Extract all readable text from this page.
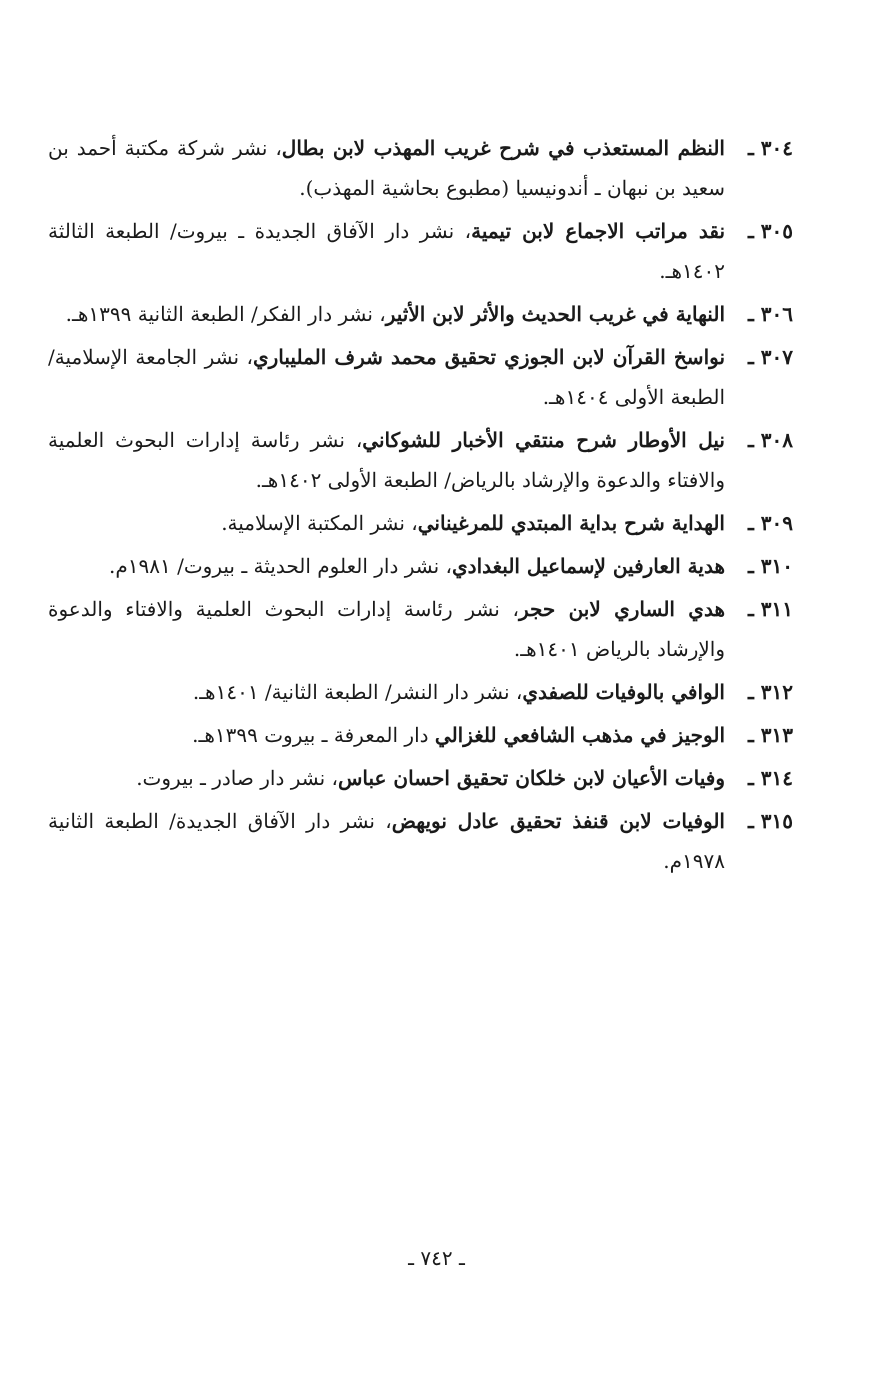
٣٠٤ ـ
النظم المستعذب في شرح غريب المهذب لابن بطال، نشر شركة مكتبة أحمد بن سعيد بن نبهان ـ أندونيسيا (مطبوع بحاشية المهذب).
٣٠٥ ـ
نقد مراتب الاجماع لابن تيمية، نشر دار الآفاق الجديدة ـ بيروت/ الطبعة الثالثة ١٤٠٢هـ.
٣٠٦ ـ
النهاية في غريب الحديث والأثر لابن الأثير، نشر دار الفكر/ الطبعة الثانية ١٣٩٩هـ.
٣٠٧ ـ
نواسخ القرآن لابن الجوزي تحقيق محمد شرف المليباري، نشر الجامعة الإسلامية/ الطبعة الأولى ١٤٠٤هـ.
٣٠٨ ـ
نيل الأوطار شرح منتقي الأخبار للشوكاني، نشر رئاسة إدارات البحوث العلمية والافتاء والدعوة والإرشاد بالرياض/ الطبعة الأولى ١٤٠٢هـ.
٣٠٩ ـ
الهداية شرح بداية المبتدي للمرغيناني، نشر المكتبة الإسلامية.
٣١٠ ـ
هدية العارفين لإسماعيل البغدادي، نشر دار العلوم الحديثة ـ بيروت/ ١٩٨١م.
٣١١ ـ
هدي الساري لابن حجر، نشر رئاسة إدارات البحوث العلمية والافتاء والدعوة والإرشاد بالرياض ١٤٠١هـ.
٣١٢ ـ
الوافي بالوفيات للصفدي، نشر دار النشر/ الطبعة الثانية/ ١٤٠١هـ.
٣١٣ ـ
الوجيز في مذهب الشافعي للغزالي دار المعرفة ـ بيروت ١٣٩٩هـ.
٣١٤ ـ
وفيات الأعيان لابن خلكان تحقيق احسان عباس، نشر دار صادر ـ بيروت.
٣١٥ ـ
الوفيات لابن قنفذ تحقيق عادل نويهض، نشر دار الآفاق الجديدة/ الطبعة الثانية ١٩٧٨م.
ـ ٧٤٢ ـ
